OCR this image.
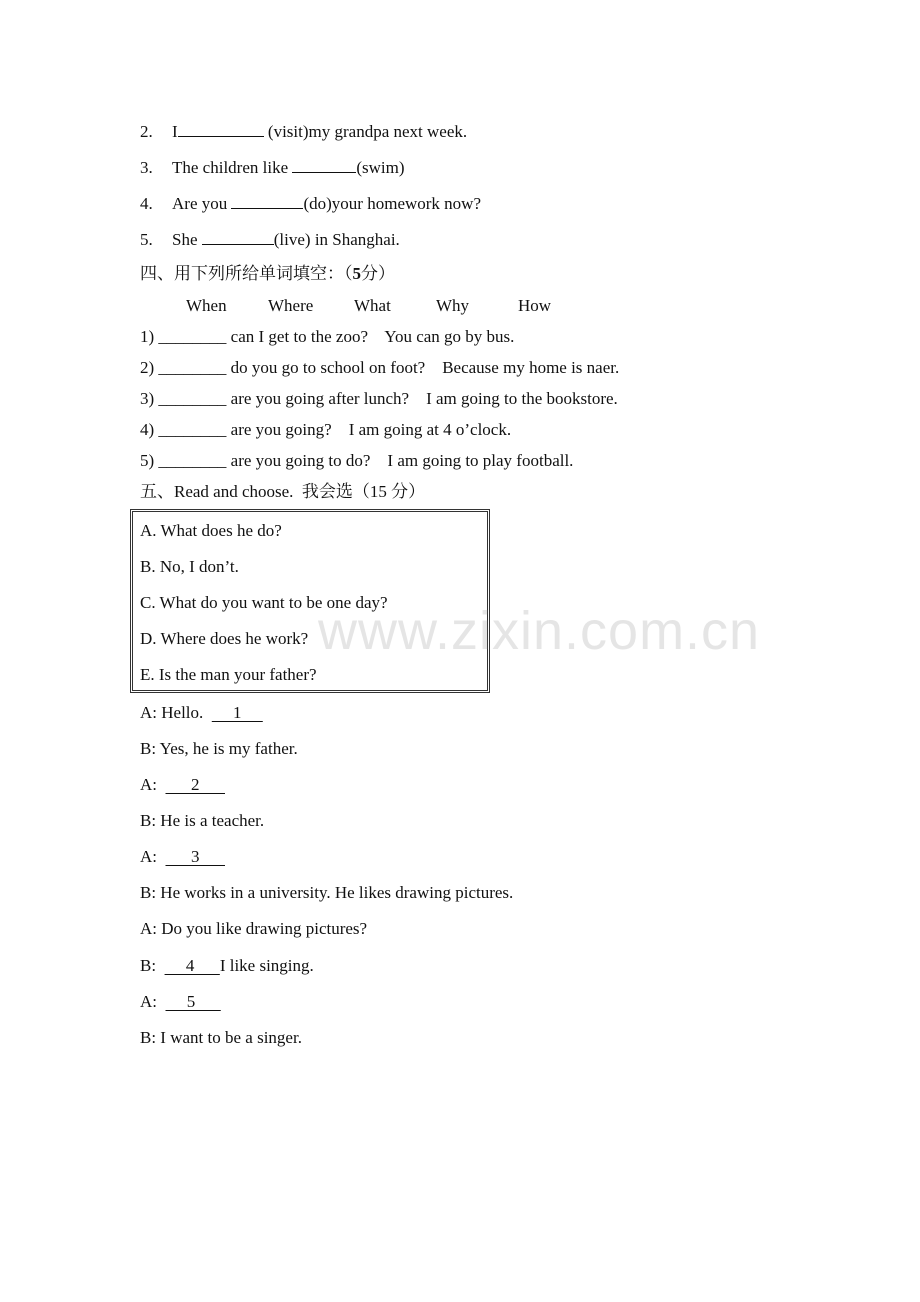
2. I	(visit)my grandpa next week.
3. The children like	(swim)
4. Are you	(do)your homework now?
5. She	(live) in Shanghai.
四、用下列所给单词填空：（5分）
When Where What	Why	How
1) ________ can I get to the zoo?    You can go by bus.
2) ________ do you go to school on foot?    Because my home is naer.
3) ________ are you going after lunch?    I am going to the bookstore.
4) ________ are you going?    I am going at 4 o’clock.
5) ________ are you going to do?    I am going to play football.
五、Read and choose.  我会选（15 分）
A. What does he do?
B. No, I don’t.
C. What do you want to be one day?
D. Where does he work?
E. Is the man your father?
A: Hello.       1
B: Yes, he is my father.
A:        2
B: He is a teacher.
A:        3
B: He works in a university. He likes drawing pictures.
A: Do you like drawing pictures?
B:       4      I like singing.
A:       5
B: I want to be a singer.
www.zixin.com.cn
